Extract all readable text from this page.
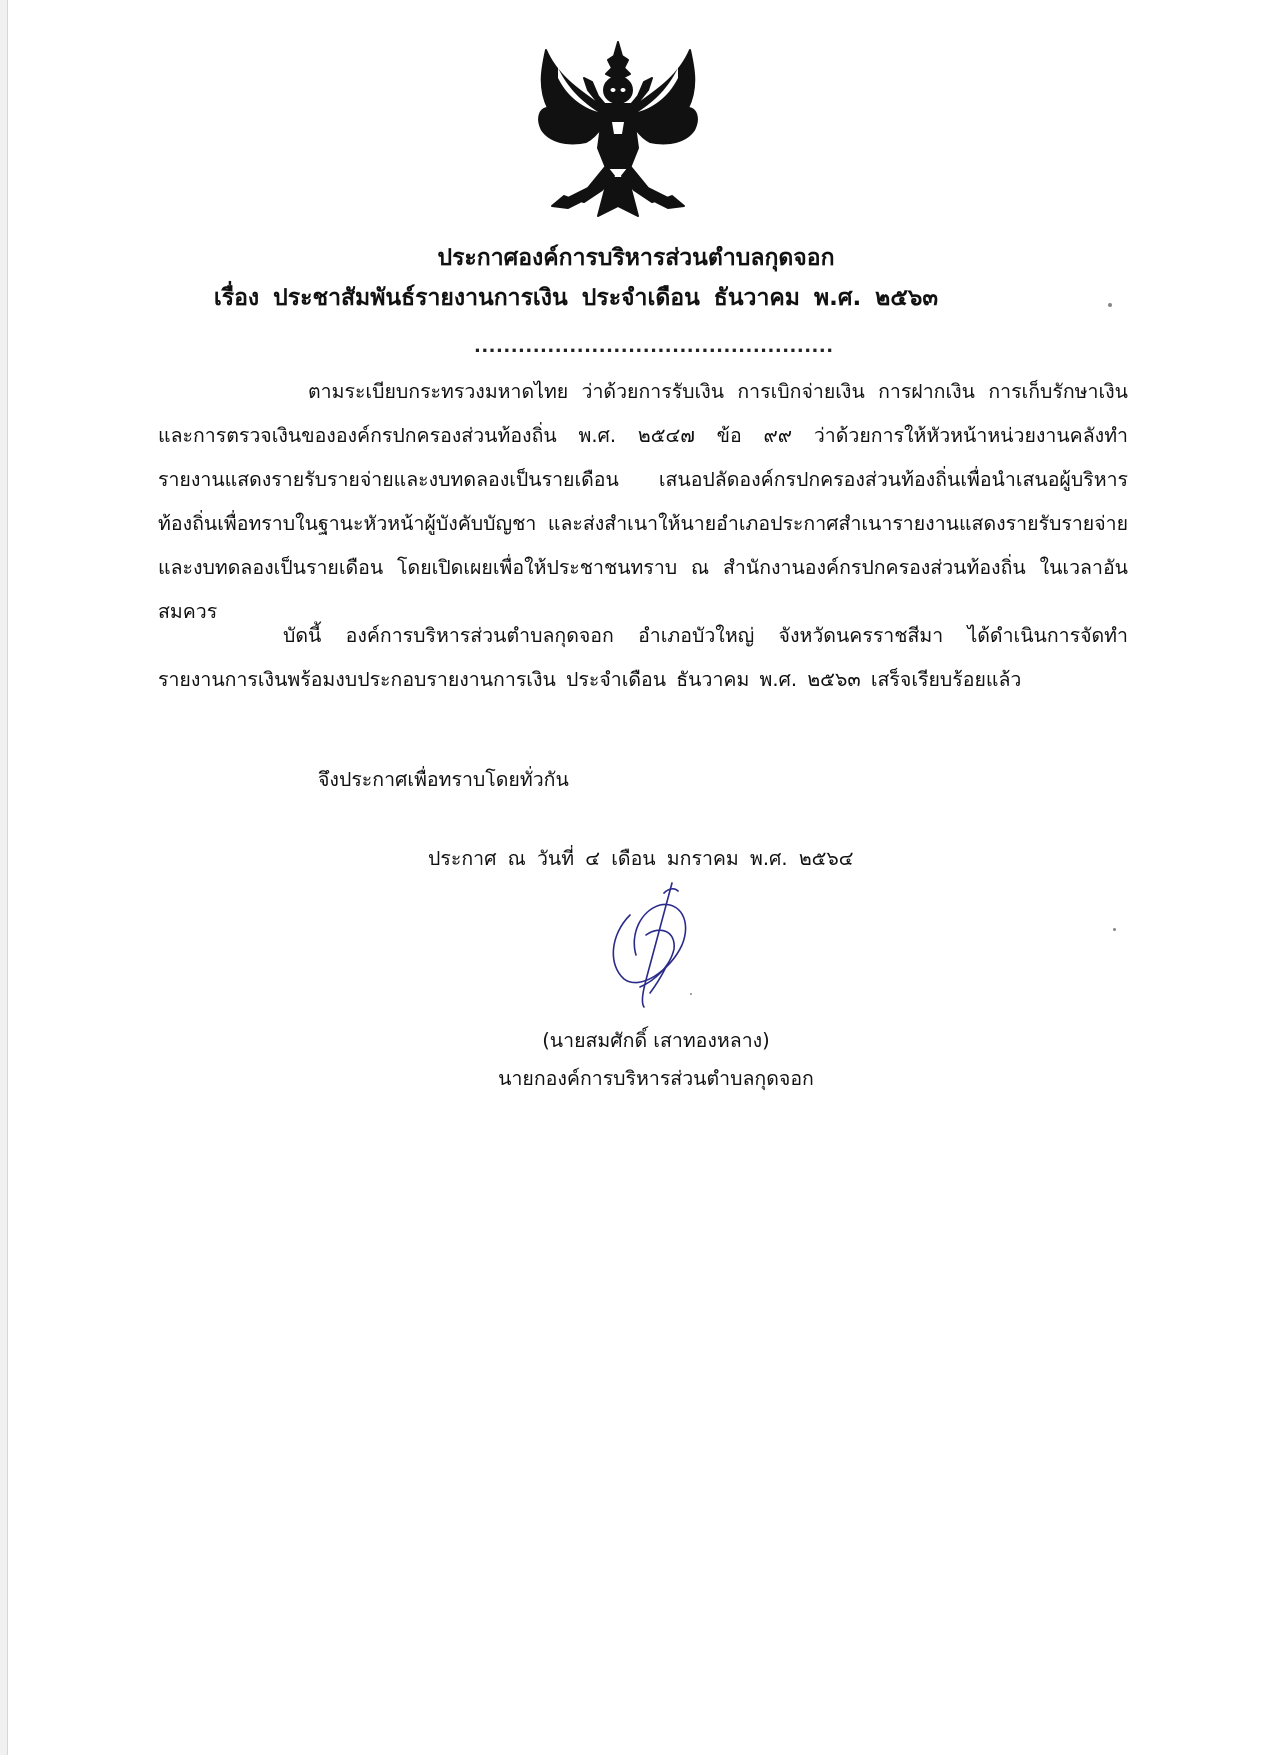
ประกาศองค์การบริหารส่วนตำบลกุดจอก
เรื่อง ประชาสัมพันธ์รายงานการเงิน ประจำเดือน ธันวาคม พ.ศ. ๒๕๖๓
.................................................
ตามระเบียบกระทรวงมหาดไทย ว่าด้วยการรับเงิน การเบิกจ่ายเงิน การฝากเงิน การเก็บรักษาเงิน และการตรวจเงินขององค์กรปกครองส่วนท้องถิ่น พ.ศ. ๒๕๔๗ ข้อ ๙๙ ว่าด้วยการให้หัวหน้าหน่วยงานคลังทำรายงานแสดงรายรับรายจ่ายและงบทดลองเป็นรายเดือน เสนอปลัดองค์กรปกครองส่วนท้องถิ่นเพื่อนำเสนอผู้บริหารท้องถิ่นเพื่อทราบในฐานะหัวหน้าผู้บังคับบัญชา และส่งสำเนาให้นายอำเภอประกาศสำเนารายงานแสดงรายรับรายจ่ายและงบทดลองเป็นรายเดือน โดยเปิดเผยเพื่อให้ประชาชนทราบ ณ สำนักงานองค์กรปกครองส่วนท้องถิ่น ในเวลาอันสมควร
บัดนี้ องค์การบริหารส่วนตำบลกุดจอก อำเภอบัวใหญ่ จังหวัดนครราชสีมา ได้ดำเนินการจัดทำรายงานการเงินพร้อมงบประกอบรายงานการเงิน ประจำเดือน ธันวาคม พ.ศ. ๒๕๖๓ เสร็จเรียบร้อยแล้ว
จึงประกาศเพื่อทราบโดยทั่วกัน
ประกาศ ณ วันที่ ๔ เดือน มกราคม พ.ศ. ๒๕๖๔
(นายสมศักดิ์ เสาทองหลาง)
นายกองค์การบริหารส่วนตำบลกุดจอก
